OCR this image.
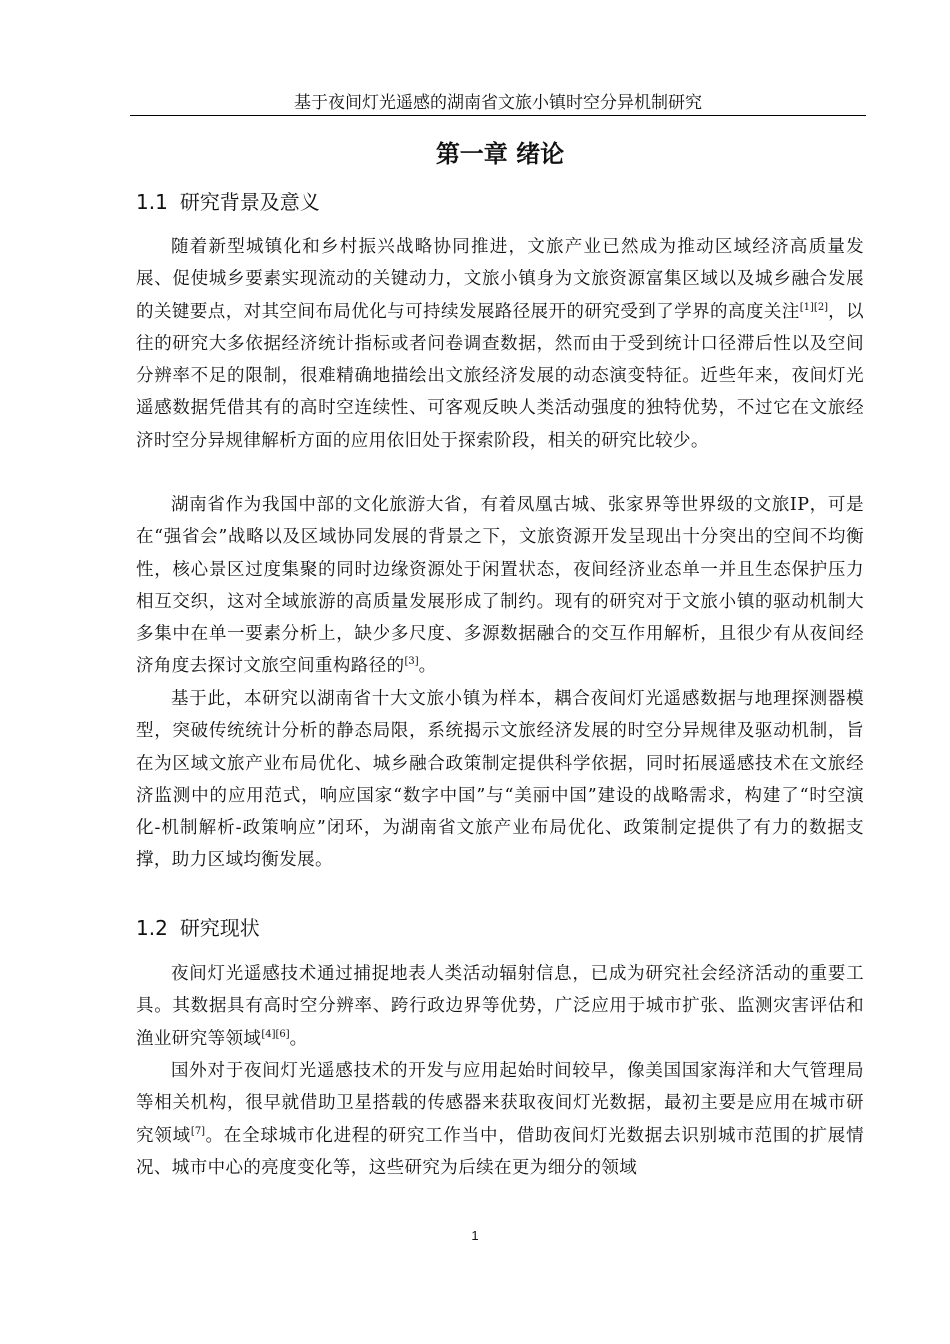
基于夜间灯光遥感的湖南省文旅小镇时空分异机制研究
第一章 绪论
1.1 研究背景及意义
随着新型城镇化和乡村振兴战略协同推进，文旅产业已然成为推动区域经济高质量发展、促使城乡要素实现流动的关键动力，文旅小镇身为文旅资源富集区域以及城乡融合发展的关键要点，对其空间布局优化与可持续发展路径展开的研究受到了学界的高度关注[1][2]，以往的研究大多依据经济统计指标或者问卷调查数据，然而由于受到统计口径滞后性以及空间分辨率不足的限制，很难精确地描绘出文旅经济发展的动态演变特征。近些年来，夜间灯光遥感数据凭借其有的高时空连续性、可客观反映人类活动强度的独特优势，不过它在文旅经济时空分异规律解析方面的应用依旧处于探索阶段，相关的研究比较少。
湖南省作为我国中部的文化旅游大省，有着凤凰古城、张家界等世界级的文旅IP，可是在“强省会”战略以及区域协同发展的背景之下，文旅资源开发呈现出十分突出的空间不均衡性，核心景区过度集聚的同时边缘资源处于闲置状态，夜间经济业态单一并且生态保护压力相互交织，这对全域旅游的高质量发展形成了制约。现有的研究对于文旅小镇的驱动机制大多集中在单一要素分析上，缺少多尺度、多源数据融合的交互作用解析，且很少有从夜间经济角度去探讨文旅空间重构路径的[3]。
基于此，本研究以湖南省十大文旅小镇为样本，耦合夜间灯光遥感数据与地理探测器模型，突破传统统计分析的静态局限，系统揭示文旅经济发展的时空分异规律及驱动机制，旨在为区域文旅产业布局优化、城乡融合政策制定提供科学依据，同时拓展遥感技术在文旅经济监测中的应用范式，响应国家“数字中国”与“美丽中国”建设的战略需求，构建了“时空演化-机制解析-政策响应”闭环，为湖南省文旅产业布局优化、政策制定提供了有力的数据支撑，助力区域均衡发展。
1.2 研究现状
夜间灯光遥感技术通过捕捉地表人类活动辐射信息，已成为研究社会经济活动的重要工具。其数据具有高时空分辨率、跨行政边界等优势，广泛应用于城市扩张、监测灾害评估和渔业研究等领域[4][6]。
国外对于夜间灯光遥感技术的开发与应用起始时间较早，像美国国家海洋和大气管理局等相关机构，很早就借助卫星搭载的传感器来获取夜间灯光数据，最初主要是应用在城市研究领域[7]。在全球城市化进程的研究工作当中，借助夜间灯光数据去识别城市范围的扩展情况、城市中心的亮度变化等，这些研究为后续在更为细分的领域
1
